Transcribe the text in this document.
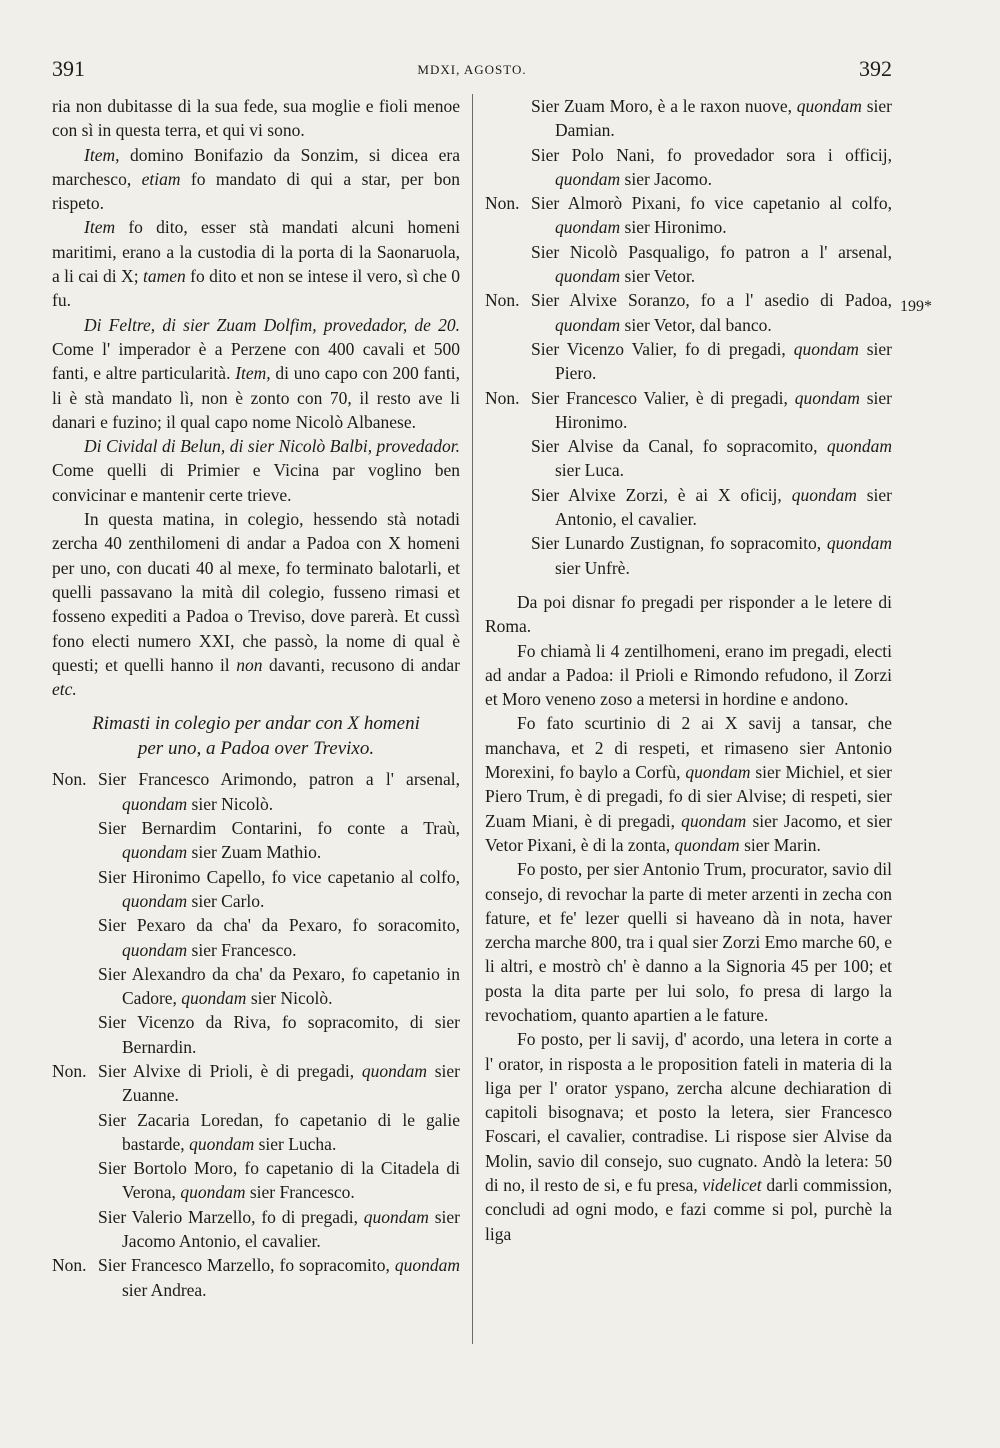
391	MDXI, AGOSTO.	392

ria non dubitasse di la sua fede, sua moglie e fioli menoe con sì in questa terra, et qui vi sono.

Item, domino Bonifazio da Sonzim, si dicea era marchesco, etiam fo mandato di qui a star, per bon rispeto.

Item fo dito, esser stà mandati alcuni homeni maritimi, erano a la custodia di la porta di la Saonaruola, a li cai di X; tamen fo dito et non se intese il vero, sì che 0 fu.

Di Feltre, di sier Zuam Dolfim, provedador, de 20. Come l' imperador è a Perzene con 400 cavali et 500 fanti, e altre particularità. Item, di uno capo con 200 fanti, li è stà mandato lì, non è zonto con 70, il resto ave li danari e fuzino; il qual capo nome Nicolò Albanese.

Di Cividal di Belun, di sier Nicolò Balbi, provedador. Come quelli di Primier e Vicina par voglino ben convicinar e mantenir certe trieve.

In questa matina, in colegio, hessendo stà notadi zercha 40 zenthilomeni di andar a Padoa con X homeni per uno, con ducati 40 al mexe, fo terminato balotarli, et quelli passavano la mità dil colegio, fusseno rimasi et fosseno expediti a Padoa o Treviso, dove parerà. Et cussì fono electi numero XXI, che passò, la nome di qual è questi; et quelli hanno il non davanti, recusono di andar etc.

Rimasti in colegio per andar con X homeni
per uno, a Padoa over Trevixo.
Non. Sier Francesco Arimondo, patron a l' arsenal, quondam sier Nicolò.
Sier Bernardim Contarini, fo conte a Traù, quondam sier Zuam Mathio.
Sier Hironimo Capello, fo vice capetanio al colfo, quondam sier Carlo.
Sier Pexaro da cha' da Pexaro, fo soracomito, quondam sier Francesco.
Sier Alexandro da cha' da Pexaro, fo capetanio in Cadore, quondam sier Nicolò.
Sier Vicenzo da Riva, fo sopracomito, di sier Bernardin.
Non. Sier Alvixe di Prioli, è di pregadi, quondam sier Zuanne.
Sier Zacaria Loredan, fo capetanio di le galie bastarde, quondam sier Lucha.
Sier Bortolo Moro, fo capetanio di la Citadela di Verona, quondam sier Francesco.
Sier Valerio Marzello, fo di pregadi, quondam sier Jacomo Antonio, el cavalier.
Non. Sier Francesco Marzello, fo sopracomito, quondam sier Andrea.
Sier Zuam Moro, è a le raxon nuove, quondam sier Damian.
Sier Polo Nani, fo provedador sora i officij, quondam sier Jacomo.
Non. Sier Almorò Pixani, fo vice capetanio al colfo, quondam sier Hironimo.
Sier Nicolò Pasqualigo, fo patron a l' arsenal, quondam sier Vetor.
Non. Sier Alvixe Soranzo, fo a l' asedio di Padoa, quondam sier Vetor, dal banco.
Sier Vicenzo Valier, fo di pregadi, quondam sier Piero.
Non. Sier Francesco Valier, è di pregadi, quondam sier Hironimo.
Sier Alvise da Canal, fo sopracomito, quondam sier Luca.
Sier Alvixe Zorzi, è ai X oficij, quondam sier Antonio, el cavalier.
Sier Lunardo Zustignan, fo sopracomito, quondam sier Unfrè.

Da poi disnar fo pregadi per risponder a le letere di Roma.

Fo chiamà li 4 zentilhomeni, erano im pregadi, electi ad andar a Padoa: il Prioli e Rimondo refudono, il Zorzi et Moro veneno zoso a metersi in hordine e andono.

Fo fato scurtinio di 2 ai X savij a tansar, che manchava, et 2 di respeti, et rimaseno sier Antonio Morexini, fo baylo a Corfù, quondam sier Michiel, et sier Piero Trum, è di pregadi, fo di sier Alvise; di respeti, sier Zuam Miani, è di pregadi, quondam sier Jacomo, et sier Vetor Pixani, è di la zonta, quondam sier Marin.

Fo posto, per sier Antonio Trum, procurator, savio dil consejo, di revochar la parte di meter arzenti in zecha con fature, et fe' lezer quelli si haveano dà in nota, haver zercha marche 800, tra i qual sier Zorzi Emo marche 60, e li altri, e mostrò ch' è danno a la Signoria 45 per 100; et posta la dita parte per lui solo, fo presa di largo la revochatiom, quanto apartien a le fature.

Fo posto, per li savij, d' acordo, una letera in corte a l' orator, in risposta a le proposition fateli in materia di la liga per l' orator yspano, zercha alcune dechiaration di capitoli bisognava; et posto la letera, sier Francesco Foscari, el cavalier, contradise. Li rispose sier Alvise da Molin, savio dil consejo, suo cugnato. Andò la letera: 50 di no, il resto de si, e fu presa, videlicet darli commission, concludi ad ogni modo, e fazi comme si pol, purchè la liga

199*
